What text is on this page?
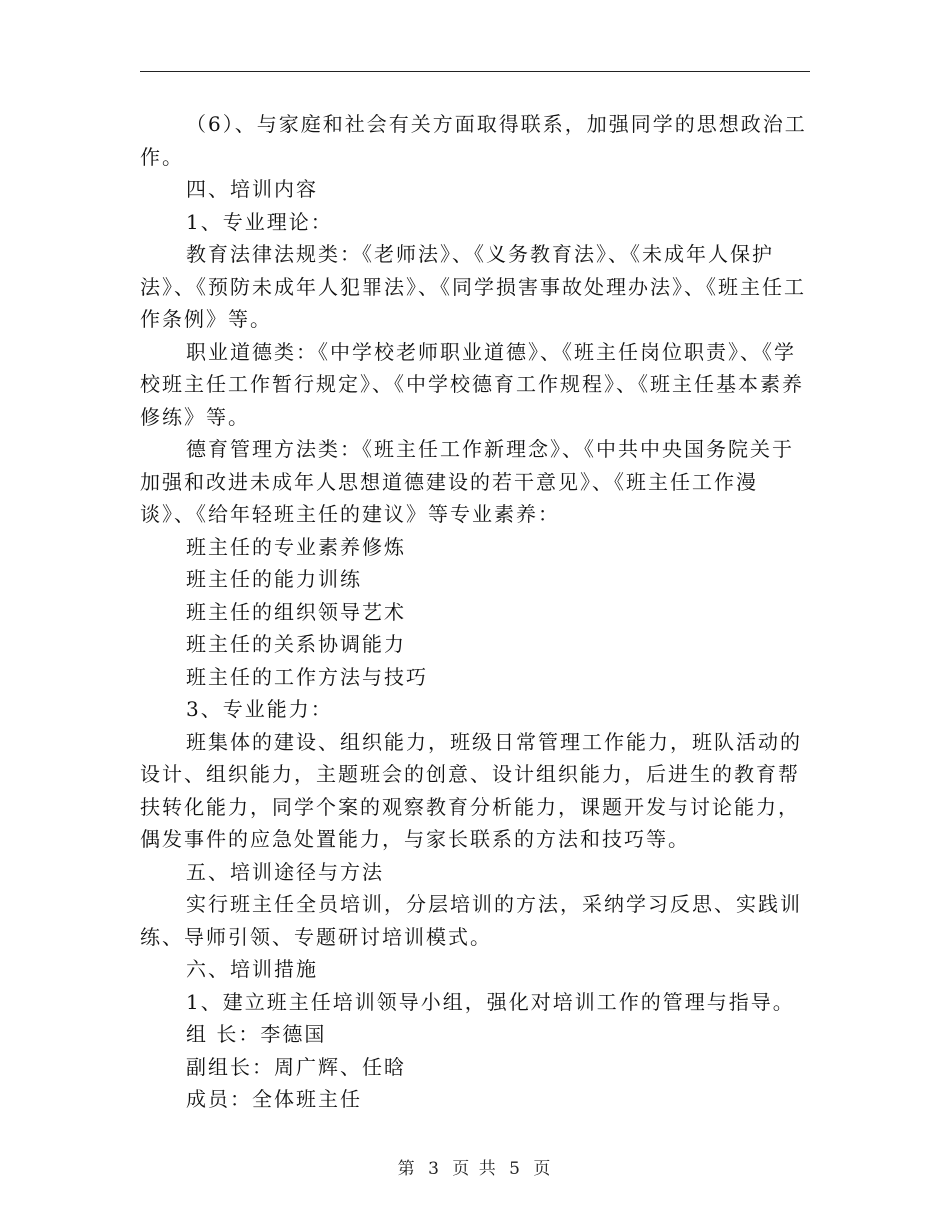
（6）、与家庭和社会有关方面取得联系，加强同学的思想政治工作。

四、培训内容

1、专业理论：

教育法律法规类：《老师法》、《义务教育法》、《未成年人保护法》、《预防未成年人犯罪法》、《同学损害事故处理办法》、《班主任工作条例》等。

职业道德类：《中学校老师职业道德》、《班主任岗位职责》、《学校班主任工作暂行规定》、《中学校德育工作规程》、《班主任基本素养修练》等。

德育管理方法类：《班主任工作新理念》、《中共中央国务院关于加强和改进未成年人思想道德建设的若干意见》、《班主任工作漫谈》、《给年轻班主任的建议》等专业素养：

班主任的专业素养修炼

班主任的能力训练

班主任的组织领导艺术

班主任的关系协调能力

班主任的工作方法与技巧

3、专业能力：

班集体的建设、组织能力，班级日常管理工作能力，班队活动的设计、组织能力，主题班会的创意、设计组织能力，后进生的教育帮扶转化能力，同学个案的观察教育分析能力，课题开发与讨论能力，偶发事件的应急处置能力，与家长联系的方法和技巧等。

五、培训途径与方法

实行班主任全员培训，分层培训的方法，采纳学习反思、实践训练、导师引领、专题研讨培训模式。

六、培训措施

1、建立班主任培训领导小组，强化对培训工作的管理与指导。

组 长：李德国

副组长：周广辉、任晗

成员：全体班主任

第 3 页 共 5 页
